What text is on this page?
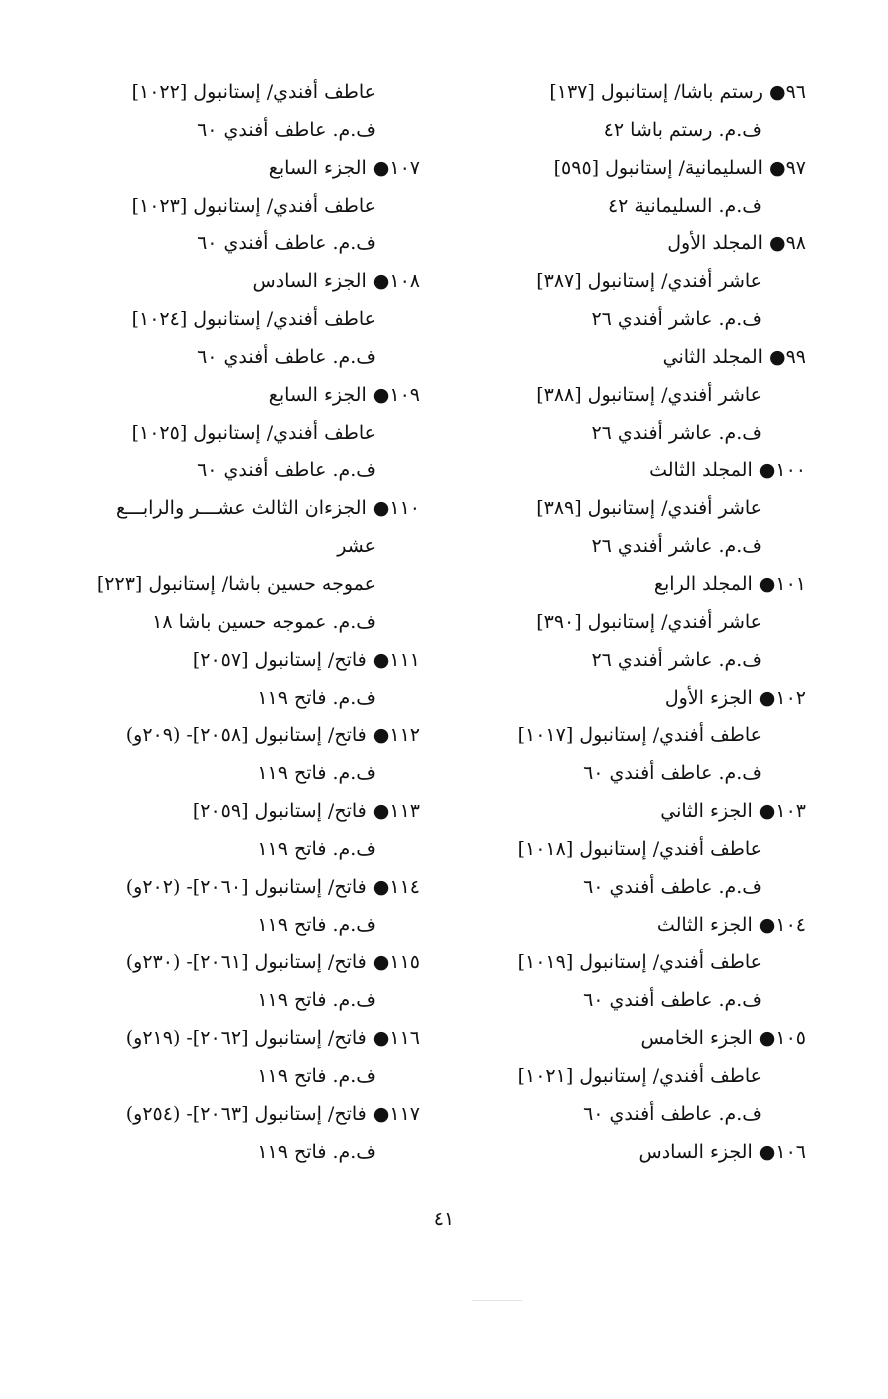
٩٦● رستم باشا/ إستانبول [١٣٧]
ف.م. رستم باشا ٤٢
٩٧● السليمانية/ إستانبول [٥٩٥]
ف.م. السليمانية ٤٢
٩٨● المجلد الأول
عاشر أفندي/ إستانبول [٣٨٧]
ف.م. عاشر أفندي ٢٦
٩٩● المجلد الثاني
عاشر أفندي/ إستانبول [٣٨٨]
ف.م. عاشر أفندي ٢٦
١٠٠● المجلد الثالث
عاشر أفندي/ إستانبول [٣٨٩]
ف.م. عاشر أفندي ٢٦
١٠١● المجلد الرابع
عاشر أفندي/ إستانبول [٣٩٠]
ف.م. عاشر أفندي ٢٦
١٠٢● الجزء الأول
عاطف أفندي/ إستانبول [١٠١٧]
ف.م. عاطف أفندي ٦٠
١٠٣● الجزء الثاني
عاطف أفندي/ إستانبول [١٠١٨]
ف.م. عاطف أفندي ٦٠
١٠٤● الجزء الثالث
عاطف أفندي/ إستانبول [١٠١٩]
ف.م. عاطف أفندي ٦٠
١٠٥● الجزء الخامس
عاطف أفندي/ إستانبول [١٠٢١]
ف.م. عاطف أفندي ٦٠
١٠٦● الجزء السادس
عاطف أفندي/ إستانبول [١٠٢٢]
ف.م. عاطف أفندي ٦٠
١٠٧● الجزء السابع
عاطف أفندي/ إستانبول [١٠٢٣]
ف.م. عاطف أفندي ٦٠
١٠٨● الجزء السادس
عاطف أفندي/ إستانبول [١٠٢٤]
ف.م. عاطف أفندي ٦٠
١٠٩● الجزء السابع
عاطف أفندي/ إستانبول [١٠٢٥]
ف.م. عاطف أفندي ٦٠
١١٠● الجزءان الثالث عشـــر والرابـــع
عشر
عموجه حسين باشا/ إستانبول [٢٢٣]
ف.م. عموجه حسين باشا ١٨
١١١● فاتح/ إستانبول [٢٠٥٧]
ف.م. فاتح ١١٩
١١٢● فاتح/ إستانبول [٢٠٥٨]- (٢٠٩و)
ف.م. فاتح ١١٩
١١٣● فاتح/ إستانبول [٢٠٥٩]
ف.م. فاتح ١١٩
١١٤● فاتح/ إستانبول [٢٠٦٠]- (٢٠٢و)
ف.م. فاتح ١١٩
١١٥● فاتح/ إستانبول [٢٠٦١]- (٢٣٠و)
ف.م. فاتح ١١٩
١١٦● فاتح/ إستانبول [٢٠٦٢]- (٢١٩و)
ف.م. فاتح ١١٩
١١٧● فاتح/ إستانبول [٢٠٦٣]- (٢٥٤و)
ف.م. فاتح ١١٩
٤١
